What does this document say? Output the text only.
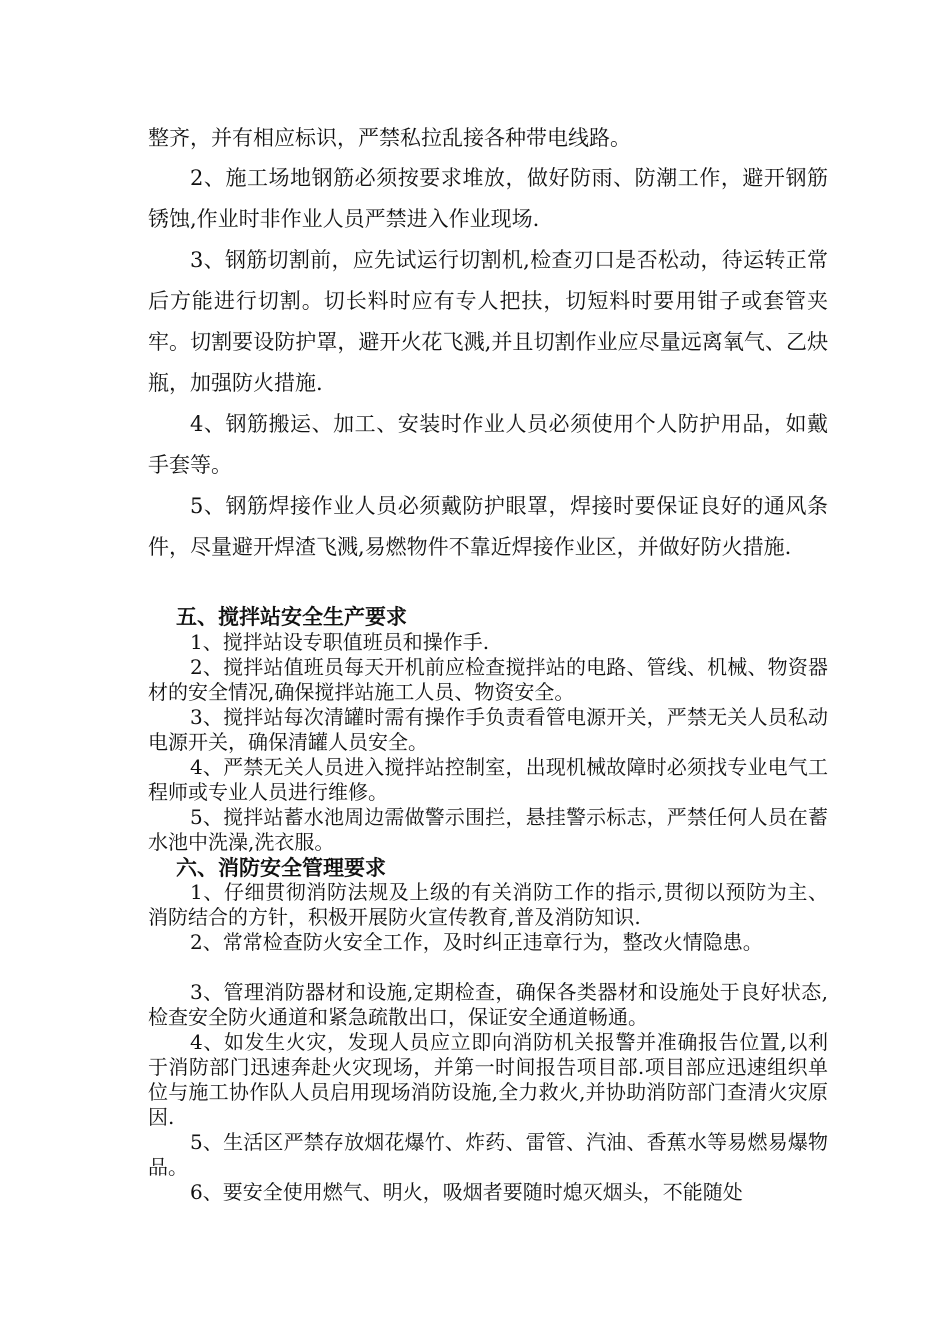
整齐，并有相应标识，严禁私拉乱接各种带电线路。

2、施工场地钢筋必须按要求堆放，做好防雨、防潮工作，避开钢筋锈蚀,作业时非作业人员严禁进入作业现场.

3、钢筋切割前，应先试运行切割机,检查刃口是否松动，待运转正常后方能进行切割。切长料时应有专人把扶，切短料时要用钳子或套管夹牢。切割要设防护罩，避开火花飞溅,并且切割作业应尽量远离氧气、乙炔瓶，加强防火措施.

4、钢筋搬运、加工、安装时作业人员必须使用个人防护用品，如戴手套等。

5、钢筋焊接作业人员必须戴防护眼罩，焊接时要保证良好的通风条件，尽量避开焊渣飞溅,易燃物件不靠近焊接作业区，并做好防火措施.

五、搅拌站安全生产要求

1、搅拌站设专职值班员和操作手.

2、搅拌站值班员每天开机前应检查搅拌站的电路、管线、机械、物资器材的安全情况,确保搅拌站施工人员、物资安全。

3、搅拌站每次清罐时需有操作手负责看管电源开关，严禁无关人员私动电源开关，确保清罐人员安全。

4、严禁无关人员进入搅拌站控制室，出现机械故障时必须找专业电气工程师或专业人员进行维修。

5、搅拌站蓄水池周边需做警示围拦，悬挂警示标志，严禁任何人员在蓄水池中洗澡,洗衣服。

六、消防安全管理要求

1、仔细贯彻消防法规及上级的有关消防工作的指示,贯彻以预防为主、消防结合的方针，积极开展防火宣传教育,普及消防知识.

2、常常检查防火安全工作，及时纠正违章行为，整改火情隐患。

3、管理消防器材和设施,定期检查，确保各类器材和设施处于良好状态,检查安全防火通道和紧急疏散出口，保证安全通道畅通。

4、如发生火灾，发现人员应立即向消防机关报警并准确报告位置,以利于消防部门迅速奔赴火灾现场，并第一时间报告项目部.项目部应迅速组织单位与施工协作队人员启用现场消防设施,全力救火,并协助消防部门查清火灾原因.

5、生活区严禁存放烟花爆竹、炸药、雷管、汽油、香蕉水等易燃易爆物品。

6、要安全使用燃气、明火，吸烟者要随时熄灭烟头，不能随处
